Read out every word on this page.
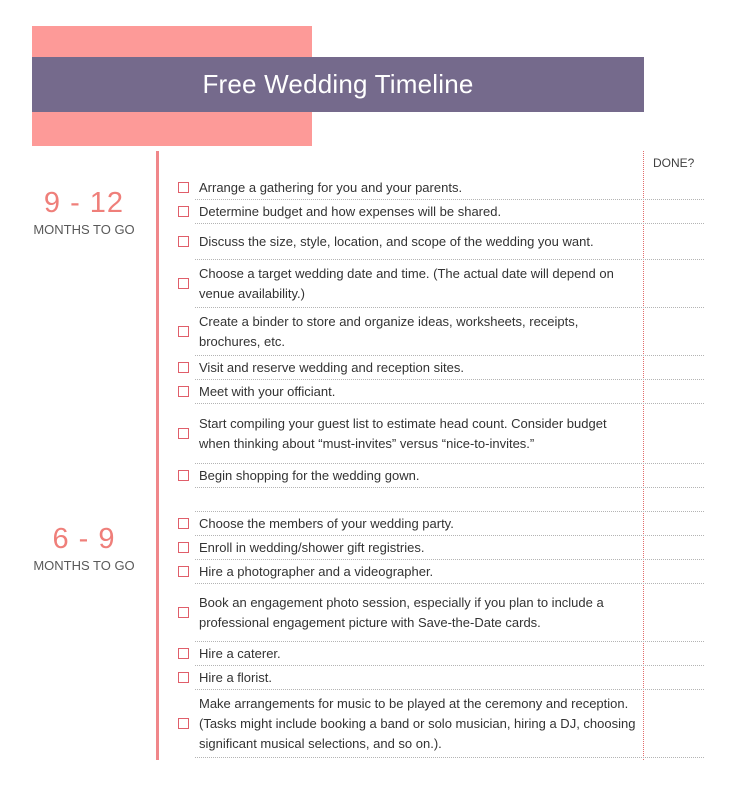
Free Wedding Timeline
DONE?
9 - 12
MONTHS TO GO
6 - 9
MONTHS TO GO
Arrange a gathering for you and your parents.
Determine budget and how expenses will be shared.
Discuss the size, style, location, and scope of the wedding you want.
Choose a target wedding date and time. (The actual date will depend on venue availability.)
Create a binder to store and organize ideas, worksheets, receipts, brochures, etc.
Visit and reserve wedding and reception sites.
Meet with your officiant.
Start compiling your guest list to estimate head count. Consider budget when thinking about “must-invites” versus “nice-to-invites.”
Begin shopping for the wedding gown.
Choose the members of your wedding party.
Enroll in wedding/shower gift registries.
Hire a photographer and a videographer.
Book an engagement photo session, especially if you plan to include a professional engagement picture with Save-the-Date cards.
Hire a caterer.
Hire a florist.
Make arrangements for music to be played at the ceremony and reception. (Tasks might include booking a band or solo musician, hiring a DJ, choosing significant musical selections, and so on.).
